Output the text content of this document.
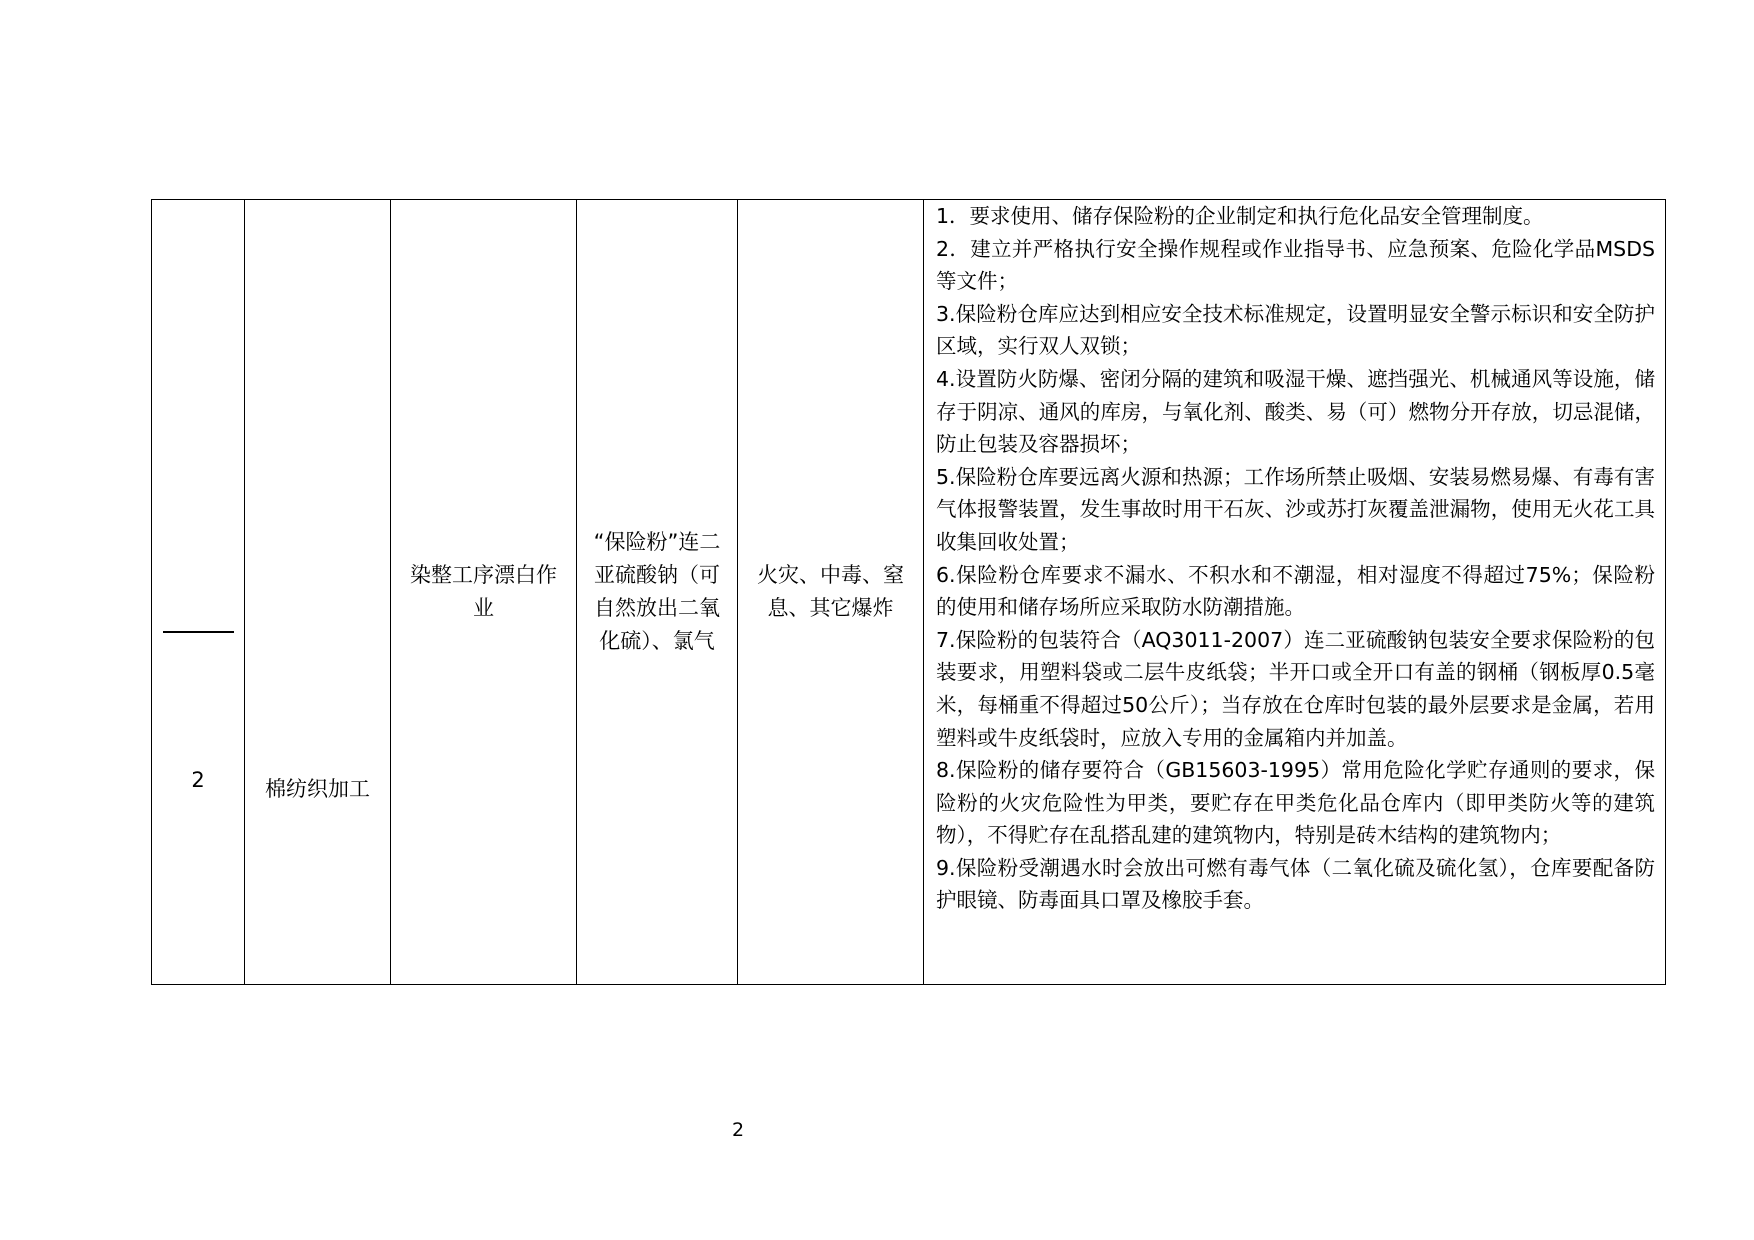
2	棉纺织加工
染整工序漂白作业
“保险粉”连二亚硫酸钠（可自然放出二氧化硫）、氯气
火灾、中毒、窒息、其它爆炸
1．要求使用、储存保险粉的企业制定和执行危化品安全管理制度。
2．建立并严格执行安全操作规程或作业指导书、应急预案、危险化学品MSDS等文件；
3.保险粉仓库应达到相应安全技术标准规定，设置明显安全警示标识和安全防护区域，实行双人双锁；
4.设置防火防爆、密闭分隔的建筑和吸湿干燥、遮挡强光、机械通风等设施，储存于阴凉、通风的库房，与氧化剂、酸类、易（可）燃物分开存放，切忌混储，防止包装及容器损坏；
5.保险粉仓库要远离火源和热源；工作场所禁止吸烟、安装易燃易爆、有毒有害气体报警装置，发生事故时用干石灰、沙或苏打灰覆盖泄漏物，使用无火花工具收集回收处置；
6.保险粉仓库要求不漏水、不积水和不潮湿，相对湿度不得超过75%；保险粉的使用和储存场所应采取防水防潮措施。
7.保险粉的包装符合（AQ3011-2007）连二亚硫酸钠包装安全要求保险粉的包装要求，用塑料袋或二层牛皮纸袋；半开口或全开口有盖的钢桶（钢板厚0.5毫米，每桶重不得超过50公斤）；当存放在仓库时包装的最外层要求是金属，若用塑料或牛皮纸袋时，应放入专用的金属箱内并加盖。
8.保险粉的储存要符合（GB15603-1995）常用危险化学贮存通则的要求，保险粉的火灾危险性为甲类，要贮存在甲类危化品仓库内（即甲类防火等的建筑物），不得贮存在乱搭乱建的建筑物内，特别是砖木结构的建筑物内；
9.保险粉受潮遇水时会放出可燃有毒气体（二氧化硫及硫化氢），仓库要配备防护眼镜、防毒面具口罩及橡胶手套。
2
